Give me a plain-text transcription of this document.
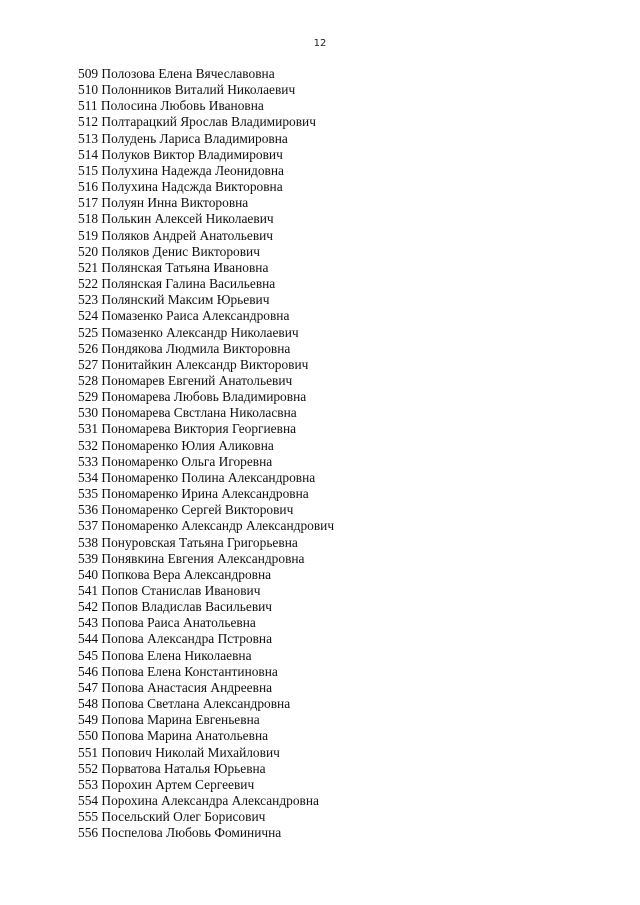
12
509 Полозова Елена Вячеславовна
510 Полонников Виталий Николаевич
511 Полосина Любовь Ивановна
512 Полтарацкий Ярослав Владимирович
513 Полудень Лариса Владимировна
514 Полуков Виктор Владимирович
515 Полухина Надежда Леонидовна
516 Полухина Надсжда Викторовна
517 Полуян Инна Викторовна
518 Полькин Алексей Николаевич
519 Поляков Андрей Анатольевич
520 Поляков Денис Викторович
521 Полянская Татьяна Ивановна
522 Полянская Галина Васильевна
523 Полянский Максим Юрьевич
524 Помазенко Раиса Александровна
525 Помазенко Александр Николаевич
526 Пондякова Людмила Викторовна
527 Понитайкин Александр Викторович
528 Пономарев Евгений Анатольевич
529 Пономарева Любовь Владимировна
530 Пономарева Свстлана Николасвна
531 Пономарева Виктория Георгиевна
532 Пономаренко Юлия Аликовна
533 Пономаренко Ольга Игоревна
534 Пономаренко Полина Александровна
535 Пономаренко Ирина Александровна
536 Пономаренко Сергей Викторович
537 Пономаренко Александр Александрович
538 Понуровская Татьяна Григорьевна
539 Понявкина Евгения Александровна
540 Попкова Вера Александровна
541 Попов Станислав Иванович
542 Попов Владислав Васильевич
543 Попова Раиса Анатольевна
544 Попова Александра Пстровна
545 Попова Елена Николаевна
546 Попова Елена Константиновна
547 Попова Анастасия Андреевна
548 Попова Светлана Александровна
549 Попова Марина Евгеньевна
550 Попова Марина Анатольевна
551 Попович Николай Михайлович
552 Порватова Наталья Юрьевна
553 Порохин Артем Сергеевич
554 Порохина Александра Александровна
555 Посельский Олег Борисович
556 Поспелова Любовь Фоминична
